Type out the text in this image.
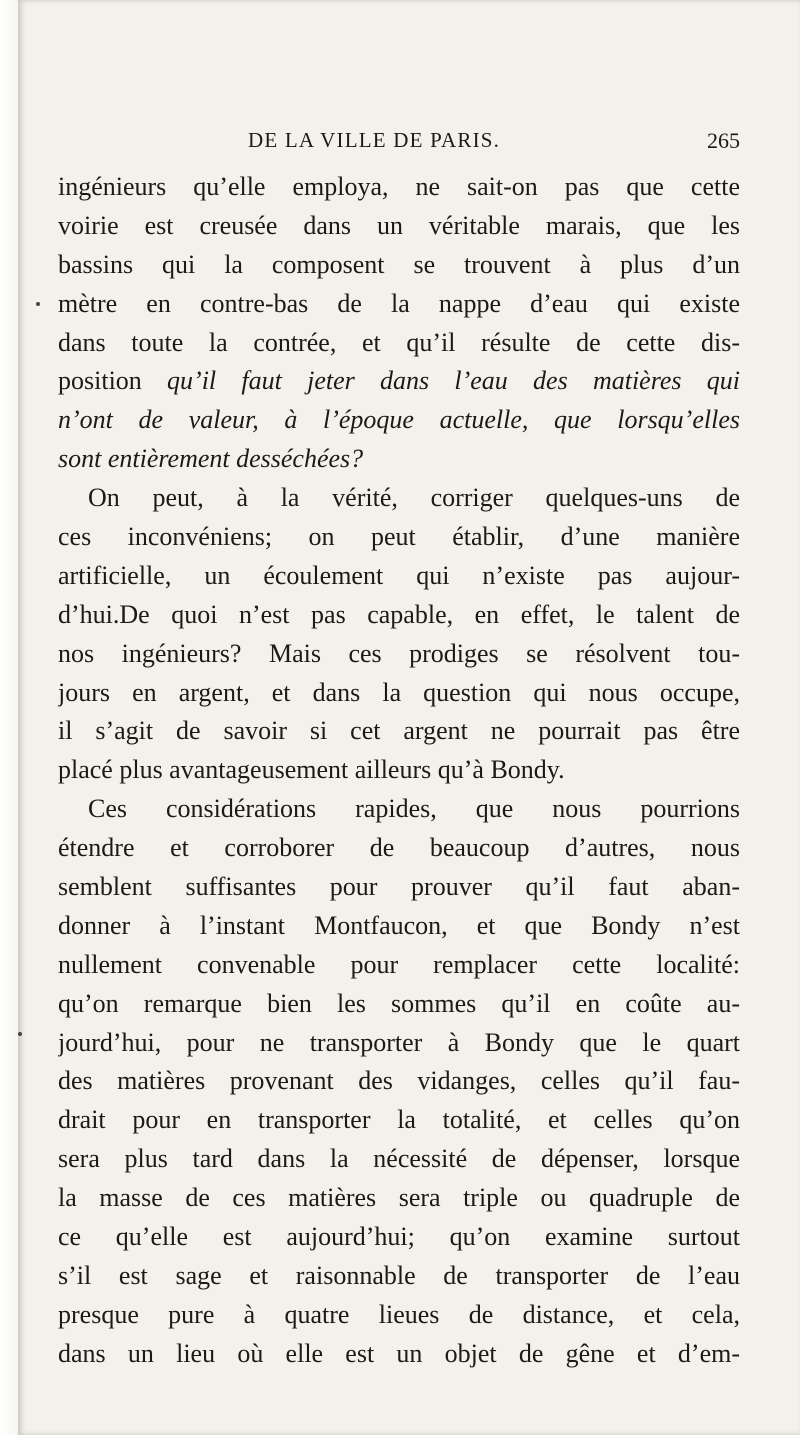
DE LA VILLE DE PARIS.	265
ingénieurs qu’elle employa, ne sait-on pas que cette
voirie est creusée dans un véritable marais, que les
bassins qui la composent se trouvent à plus d’un
mètre en contre-bas de la nappe d’eau qui existe
dans toute la contrée, et qu’il résulte de cette dis-
position qu’il faut jeter dans l’eau des matières qui
n’ont de valeur, à l’époque actuelle, que lorsqu’elles
sont entièrement desséchées?
On peut, à la vérité, corriger quelques-uns de
ces inconvéniens; on peut établir, d’une manière
artificielle, un écoulement qui n’existe pas aujour-
d’hui.De quoi n’est pas capable, en effet, le talent de
nos ingénieurs? Mais ces prodiges se résolvent tou-
jours en argent, et dans la question qui nous occupe,
il s’agit de savoir si cet argent ne pourrait pas être
placé plus avantageusement ailleurs qu’à Bondy.
Ces considérations rapides, que nous pourrions
étendre et corroborer de beaucoup d’autres, nous
semblent suffisantes pour prouver qu’il faut aban-
donner à l’instant Montfaucon, et que Bondy n’est
nullement convenable pour remplacer cette localité:
qu’on remarque bien les sommes qu’il en coûte au-
jourd’hui, pour ne transporter à Bondy que le quart
des matières provenant des vidanges, celles qu’il fau-
drait pour en transporter la totalité, et celles qu’on
sera plus tard dans la nécessité de dépenser, lorsque
la masse de ces matières sera triple ou quadruple de
ce qu’elle est aujourd’hui; qu’on examine surtout
s’il est sage et raisonnable de transporter de l’eau
presque pure à quatre lieues de distance, et cela,
dans un lieu où elle est un objet de gêne et d’em-
